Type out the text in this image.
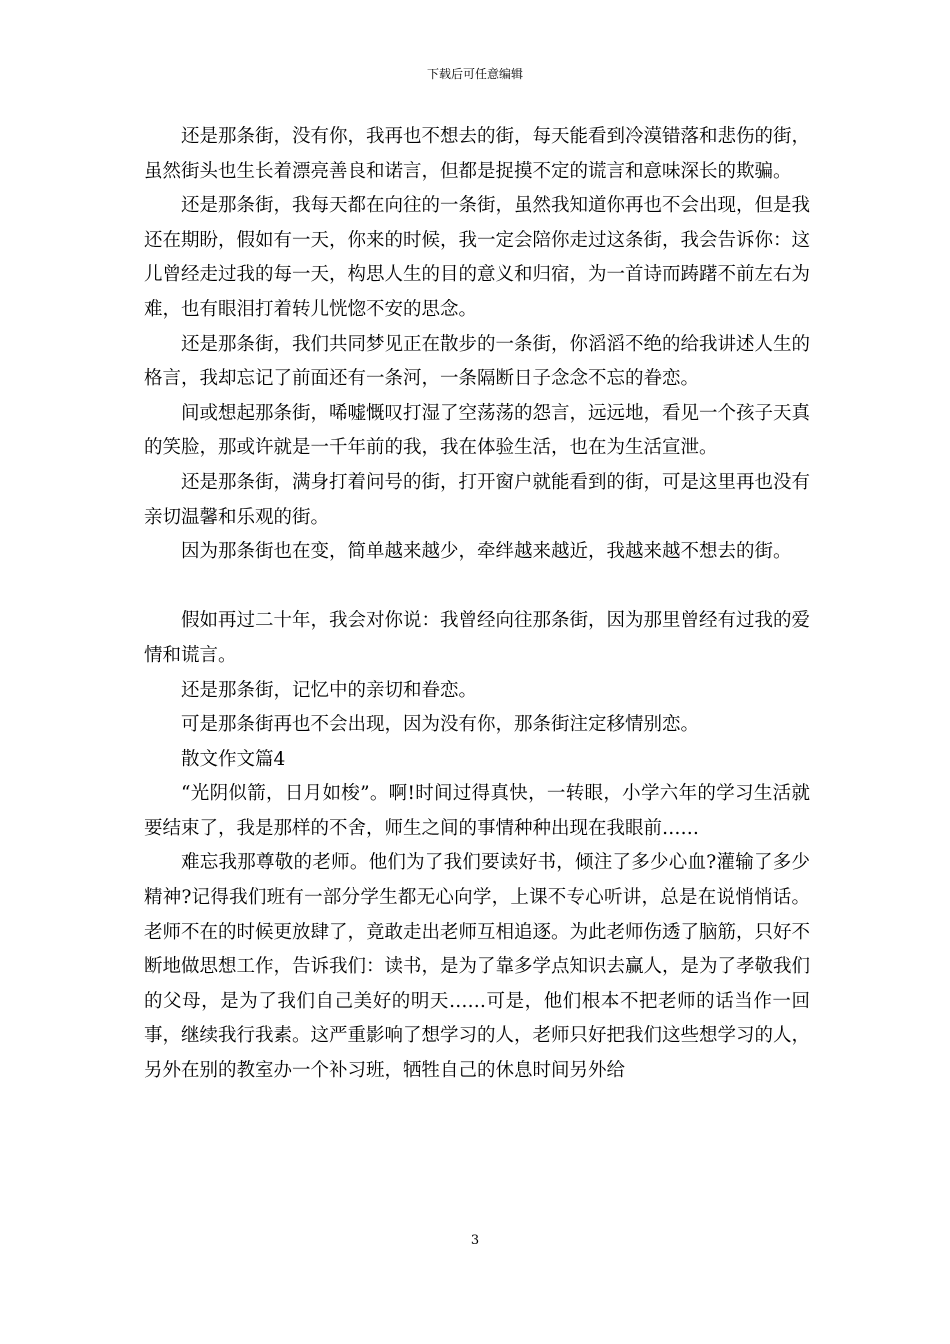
下载后可任意编辑

还是那条街，没有你，我再也不想去的街，每天能看到冷漠错落和悲伤的街，虽然街头也生长着漂亮善良和诺言，但都是捉摸不定的谎言和意味深长的欺骗。

还是那条街，我每天都在向往的一条街，虽然我知道你再也不会出现，但是我还在期盼，假如有一天，你来的时候，我一定会陪你走过这条街，我会告诉你：这儿曾经走过我的每一天，构思人生的目的意义和归宿，为一首诗而踌躇不前左右为难，也有眼泪打着转儿恍惚不安的思念。

还是那条街，我们共同梦见正在散步的一条街，你滔滔不绝的给我讲述人生的格言，我却忘记了前面还有一条河，一条隔断日子念念不忘的眷恋。

间或想起那条街，唏嘘慨叹打湿了空荡荡的怨言，远远地，看见一个孩子天真的笑脸，那或许就是一千年前的我，我在体验生活，也在为生活宣泄。

还是那条街，满身打着问号的街，打开窗户就能看到的街，可是这里再也没有亲切温馨和乐观的街。

因为那条街也在变，简单越来越少，牵绊越来越近，我越来越不想去的街。

假如再过二十年，我会对你说：我曾经向往那条街，因为那里曾经有过我的爱情和谎言。

还是那条街，记忆中的亲切和眷恋。

可是那条街再也不会出现，因为没有你，那条街注定移情别恋。

散文作文篇4

“光阴似箭，日月如梭”。啊!时间过得真快，一转眼，小学六年的学习生活就要结束了，我是那样的不舍，师生之间的事情种种出现在我眼前……

难忘我那尊敬的老师。他们为了我们要读好书，倾注了多少心血?灌输了多少精神?记得我们班有一部分学生都无心向学，上课不专心听讲，总是在说悄悄话。老师不在的时候更放肆了，竟敢走出老师互相追逐。为此老师伤透了脑筋，只好不断地做思想工作，告诉我们：读书，是为了靠多学点知识去赢人，是为了孝敬我们的父母，是为了我们自己美好的明天……可是，他们根本不把老师的话当作一回事，继续我行我素。这严重影响了想学习的人，老师只好把我们这些想学习的人，另外在别的教室办一个补习班，牺牲自己的休息时间另外给

3
